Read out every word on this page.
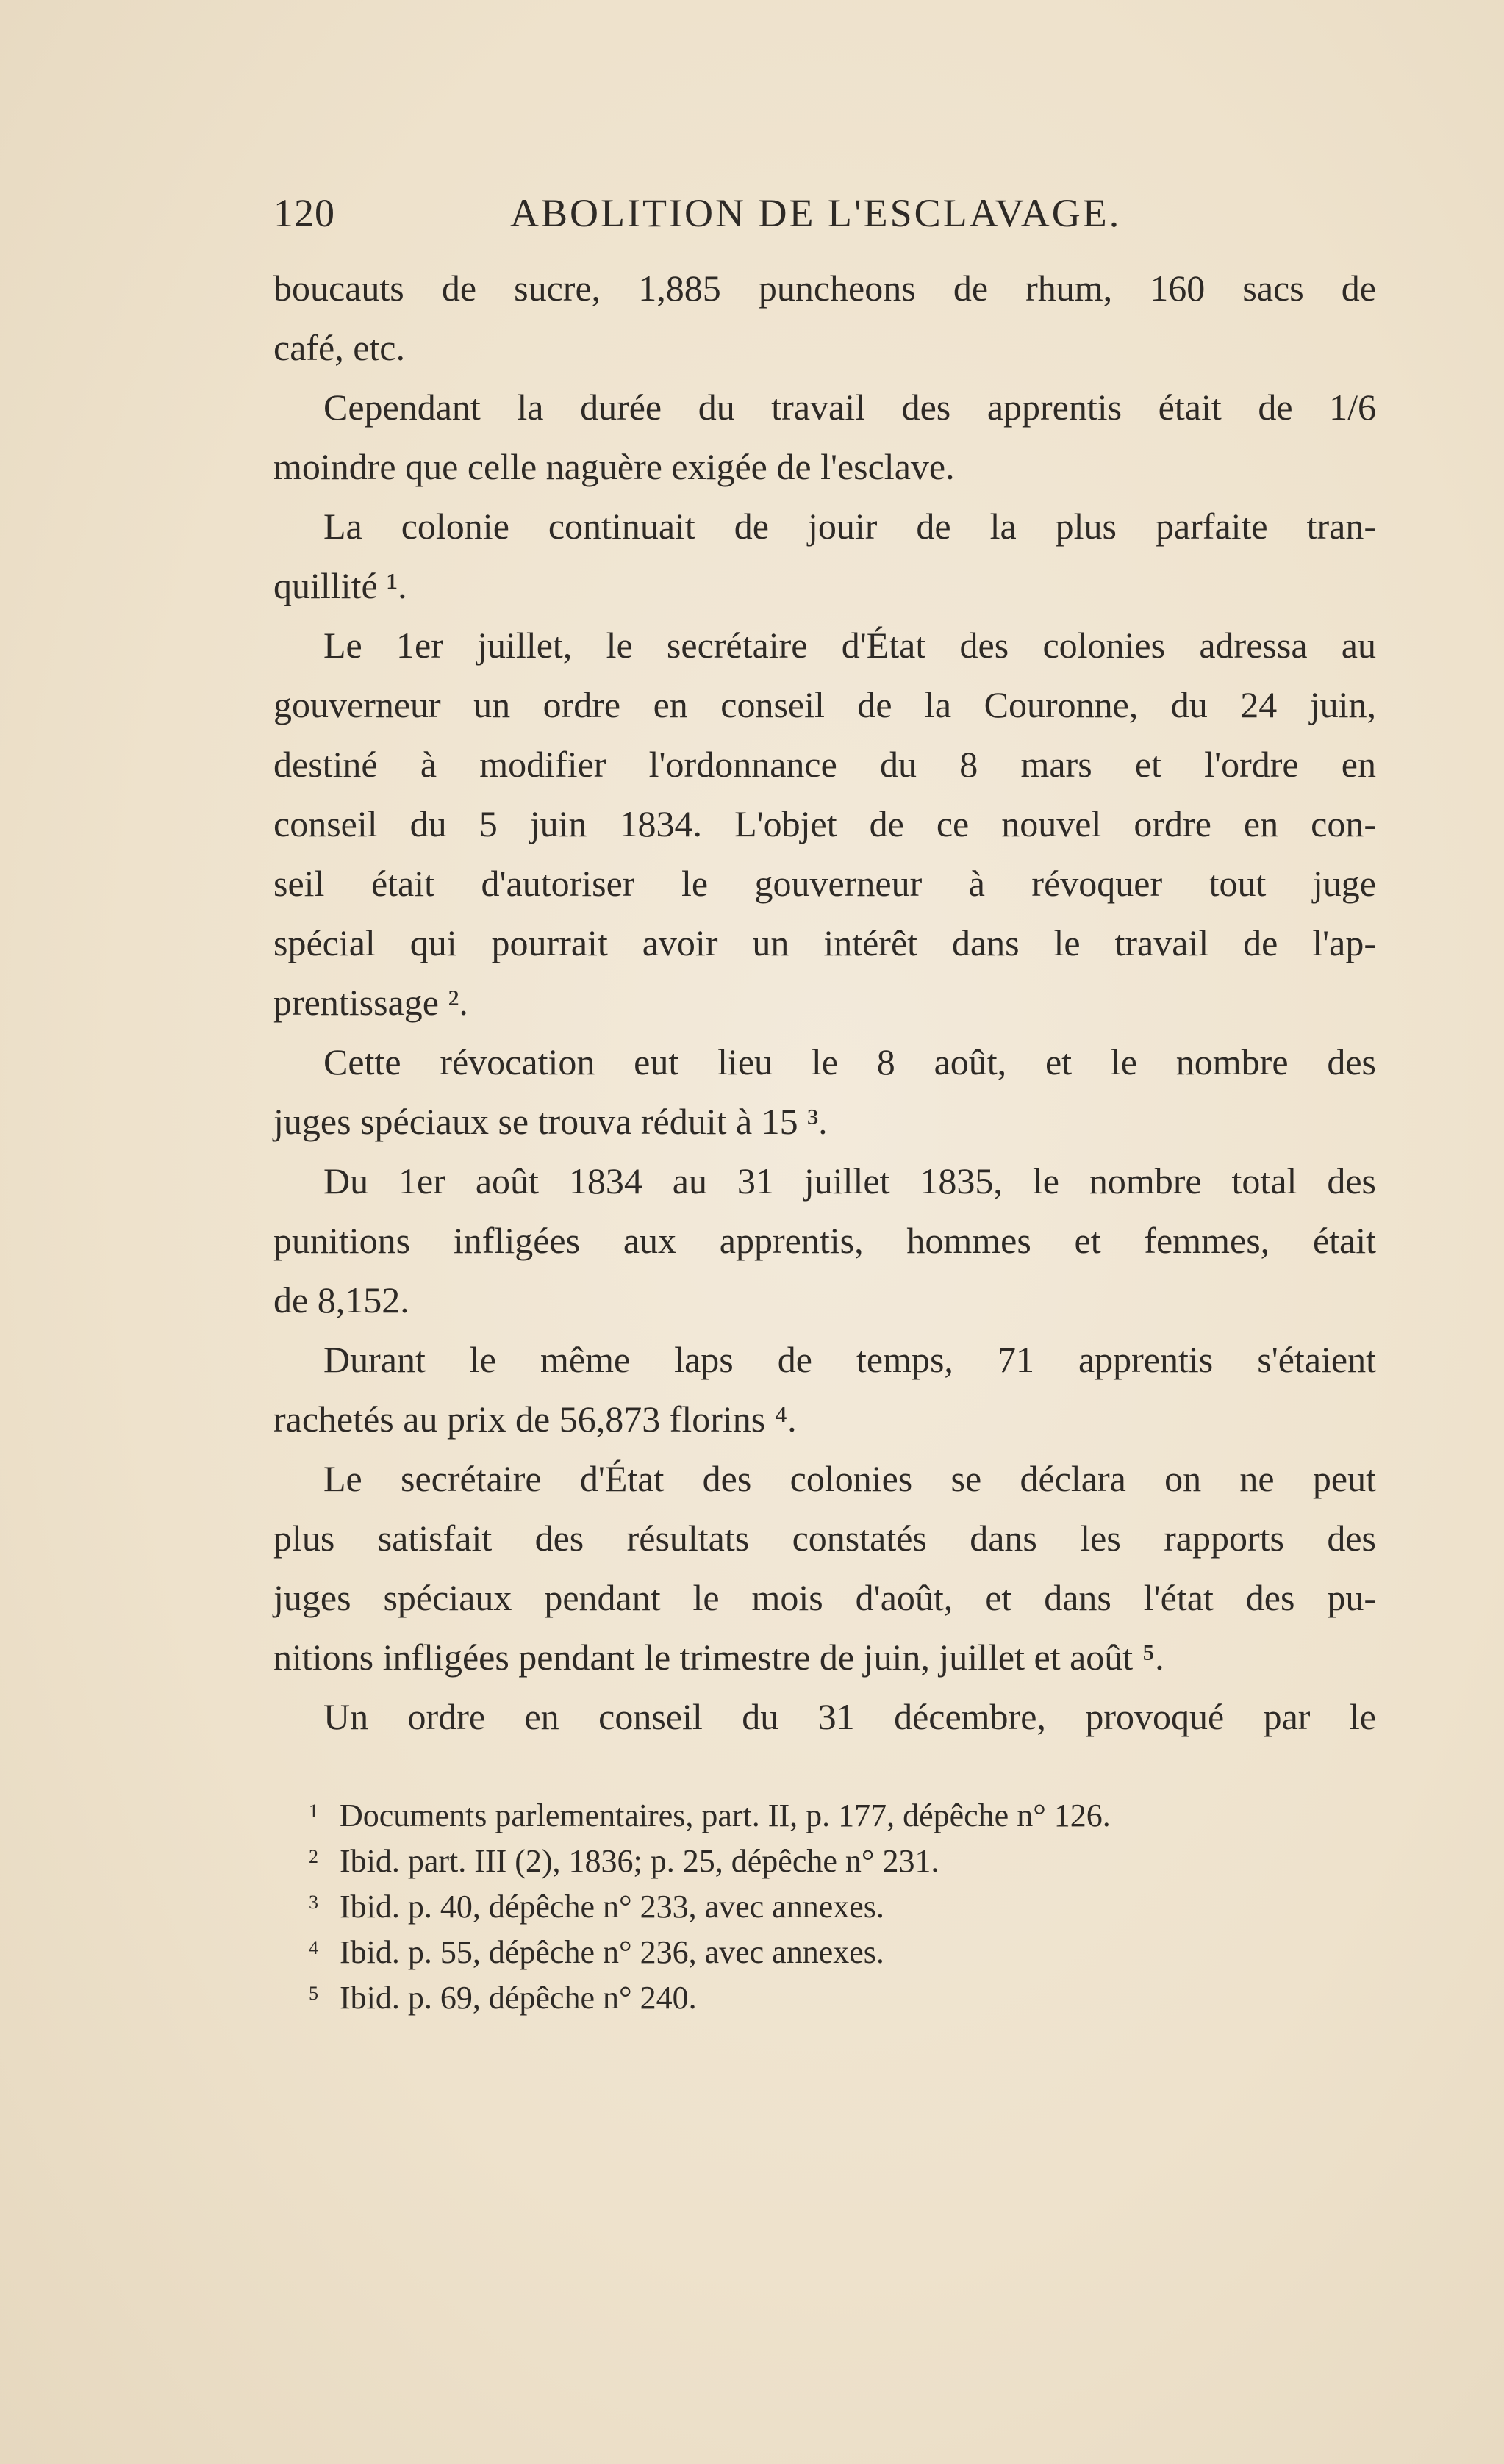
120	ABOLITION DE L'ESCLAVAGE.
boucauts de sucre, 1,885 puncheons de rhum, 160 sacs de
café, etc.
Cependant la durée du travail des apprentis était de 1/6
moindre que celle naguère exigée de l'esclave.
La colonie continuait de jouir de la plus parfaite tran-
quillité ¹.
Le 1er juillet, le secrétaire d'État des colonies adressa au
gouverneur un ordre en conseil de la Couronne, du 24 juin,
destiné à modifier l'ordonnance du 8 mars et l'ordre en
conseil du 5 juin 1834. L'objet de ce nouvel ordre en con-
seil était d'autoriser le gouverneur à révoquer tout juge
spécial qui pourrait avoir un intérêt dans le travail de l'ap-
prentissage ².
Cette révocation eut lieu le 8 août, et le nombre des
juges spéciaux se trouva réduit à 15 ³.
Du 1er août 1834 au 31 juillet 1835, le nombre total des
punitions infligées aux apprentis, hommes et femmes, était
de 8,152.
Durant le même laps de temps, 71 apprentis s'étaient
rachetés au prix de 56,873 florins ⁴.
Le secrétaire d'État des colonies se déclara on ne peut
plus satisfait des résultats constatés dans les rapports des
juges spéciaux pendant le mois d'août, et dans l'état des pu-
nitions infligées pendant le trimestre de juin, juillet et août ⁵.
Un ordre en conseil du 31 décembre, provoqué par le
1 Documents parlementaires, part. II, p. 177, dépêche n° 126.
2 Ibid. part. III (2), 1836; p. 25, dépêche n° 231.
3 Ibid. p. 40, dépêche n° 233, avec annexes.
4 Ibid. p. 55, dépêche n° 236, avec annexes.
5 Ibid. p. 69, dépêche n° 240.
